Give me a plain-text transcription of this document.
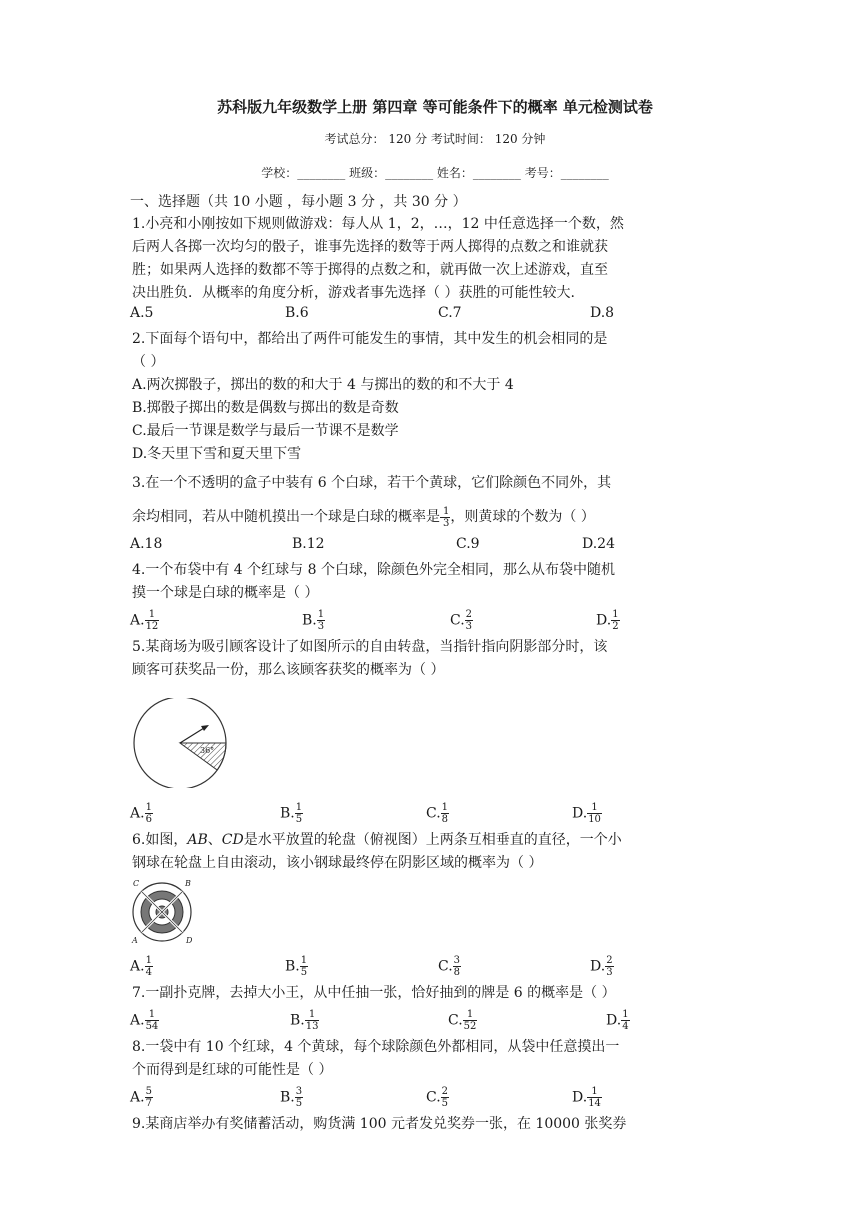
苏科版九年级数学上册 第四章 等可能条件下的概率 单元检测试卷
考试总分： 120 分 考试时间： 120 分钟
学校：________ 班级：________ 姓名：________ 考号：________
一、选择题（共 10 小题 ，每小题 3 分 ，共 30 分 ）

1.小亮和小刚按如下规则做游戏：每人从 1，2，…，12 中任意选择一个数，然
后两人各掷一次均匀的骰子，谁事先选择的数等于两人掷得的点数之和谁就获
胜；如果两人选择的数都不等于掷得的点数之和，就再做一次上述游戏，直至
决出胜负．从概率的角度分析，游戏者事先选择（ ）获胜的可能性较大.

A.5	B.6	C.7	D.8

2.下面每个语句中，都给出了两件可能发生的事情，其中发生的机会相同的是
（ ）
A.两次掷骰子，掷出的数的和大于 4 与掷出的数的和不大于 4
B.掷骰子掷出的数是偶数与掷出的数是奇数
C.最后一节课是数学与最后一节课不是数学
D.冬天里下雪和夏天里下雪

3.在一个不透明的盒子中装有 6 个白球，若干个黄球，它们除颜色不同外，其
余均相同，若从中随机摸出一个球是白球的概率是 $\frac{1}{3}$ ，则黄球的个数为（ ）

A.18	B.12	C.9	D.24

4.一个布袋中有 4 个红球与 8 个白球，除颜色外完全相同，那么从布袋中随机
摸一个球是白球的概率是（ ）

A. $\frac{1}{12}$	B. $\frac{1}{3}$	C. $\frac{2}{3}$	D. $\frac{1}{2}$

5.某商场为吸引顾客设计了如图所示的自由转盘，当指针指向阴影部分时，该
顾客可获奖品一份，那么该顾客获奖的概率为（ ）

36°
A. $\frac{1}{6}$	B. $\frac{1}{5}$	C. $\frac{1}{8}$	D. $\frac{1}{10}$

6.如图，AB、CD是水平放置的轮盘（俯视图）上两条互相垂直的直径，一个小
钢球在轮盘上自由滚动，该小钢球最终停在阴影区域的概率为（ ）

C	B
A	D
A. $\frac{1}{4}$	B. $\frac{1}{5}$	C. $\frac{3}{8}$	D. $\frac{2}{3}$

7.一副扑克牌，去掉大小王，从中任抽一张，恰好抽到的牌是 6 的概率是（ ）

A. $\frac{1}{54}$	B. $\frac{1}{13}$	C. $\frac{1}{52}$	D. $\frac{1}{4}$

8.一袋中有 10 个红球，4 个黄球，每个球除颜色外都相同，从袋中任意摸出一
个而得到是红球的可能性是（ ）

A. $\frac{5}{7}$	B. $\frac{3}{5}$	C. $\frac{2}{5}$	D. $\frac{1}{14}$

9.某商店举办有奖储蓄活动，购货满 100 元者发兑奖券一张，在 10000 张奖券
